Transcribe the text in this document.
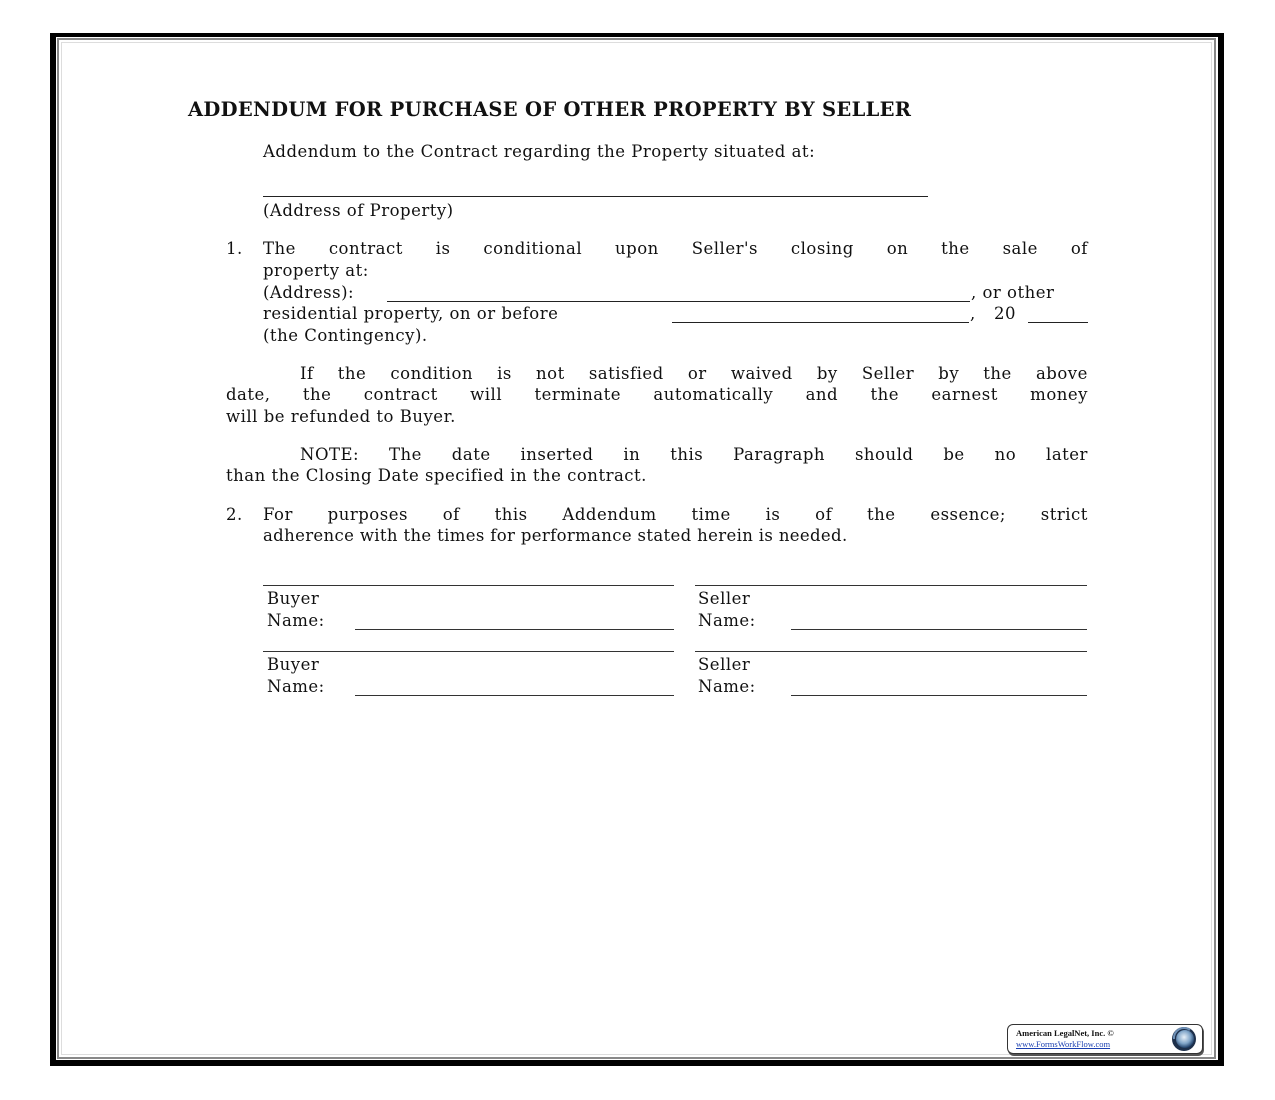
ADDENDUM FOR PURCHASE OF OTHER PROPERTY BY SELLER
Addendum to the Contract regarding the Property situated at:
(Address of Property)
1. The contract is conditional upon Seller's closing on the sale of
property at:
(Address):	, or other
residential property, on or before	, 20
(the Contingency).
If the condition is not satisfied or waived by Seller by the above
date, the contract will terminate automatically and the earnest money
will be refunded to Buyer.
NOTE: The date inserted in this Paragraph should be no later
than the Closing Date specified in the contract.
2. For purposes of this Addendum time is of the essence; strict
adherence with the times for performance stated herein is needed.
Buyer
Name:
Seller
Name:
Buyer
Name:
Seller
Name:
American LegalNet, Inc. ©
www.FormsWorkFlow.com
